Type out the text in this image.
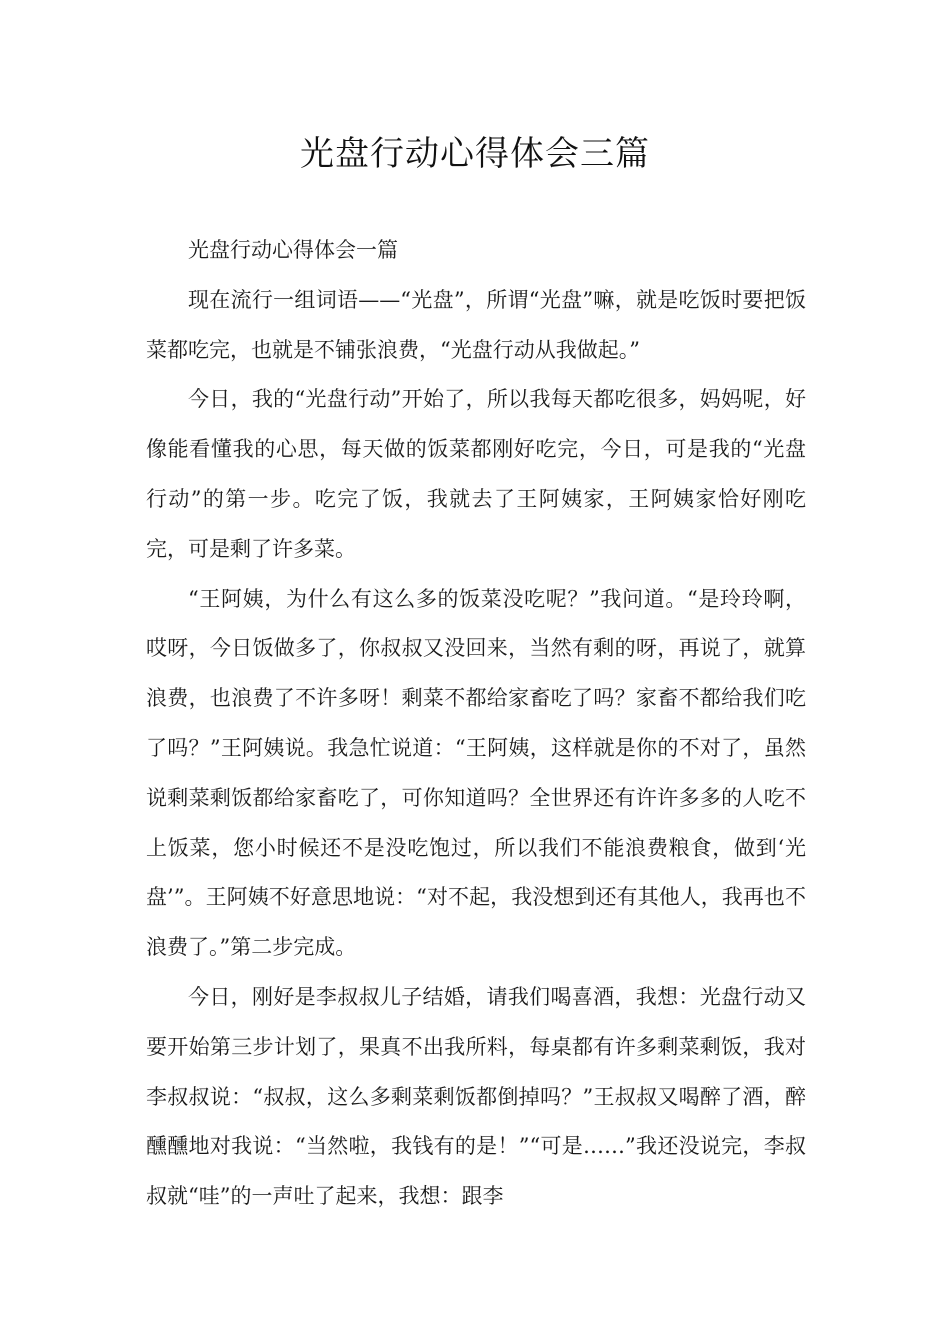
光盘行动心得体会三篇

光盘行动心得体会一篇

现在流行一组词语——“光盘”，所谓“光盘”嘛，就是吃饭时要把饭菜都吃完，也就是不铺张浪费，“光盘行动从我做起。”

今日，我的“光盘行动”开始了，所以我每天都吃很多，妈妈呢，好像能看懂我的心思，每天做的饭菜都刚好吃完，今日，可是我的“光盘行动”的第一步。吃完了饭，我就去了王阿姨家，王阿姨家恰好刚吃完，可是剩了许多菜。

“王阿姨，为什么有这么多的饭菜没吃呢？”我问道。“是玲玲啊，哎呀，今日饭做多了，你叔叔又没回来，当然有剩的呀，再说了，就算浪费，也浪费了不许多呀！剩菜不都给家畜吃了吗？家畜不都给我们吃了吗？”王阿姨说。我急忙说道：“王阿姨，这样就是你的不对了，虽然说剩菜剩饭都给家畜吃了，可你知道吗？全世界还有许许多多的人吃不上饭菜，您小时候还不是没吃饱过，所以我们不能浪费粮食，做到‘光盘’”。王阿姨不好意思地说：“对不起，我没想到还有其他人，我再也不浪费了。”第二步完成。

今日，刚好是李叔叔儿子结婚，请我们喝喜酒，我想：光盘行动又要开始第三步计划了，果真不出我所料，每桌都有许多剩菜剩饭，我对李叔叔说：“叔叔，这么多剩菜剩饭都倒掉吗？”王叔叔又喝醉了酒，醉醺醺地对我说：“当然啦，我钱有的是！”“可是……”我还没说完，李叔叔就“哇”的一声吐了起来，我想：跟李
